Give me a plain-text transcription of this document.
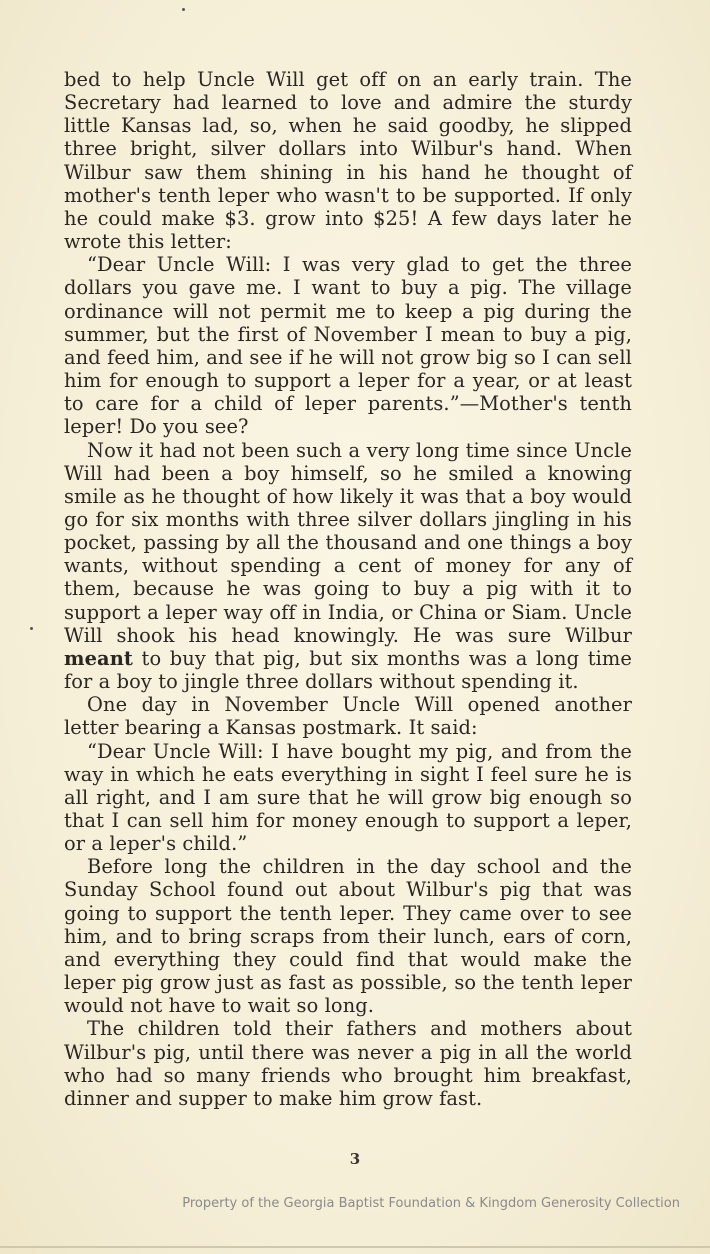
bed to help Uncle Will get off on an early train. The Secretary had learned to love and admire the sturdy little Kansas lad, so, when he said goodby, he slipped three bright, silver dollars into Wilbur's hand. When Wilbur saw them shining in his hand he thought of mother's tenth leper who wasn't to be supported. If only he could make $3. grow into $25! A few days later he wrote this letter:

“Dear Uncle Will: I was very glad to get the three dollars you gave me. I want to buy a pig. The village ordinance will not permit me to keep a pig during the summer, but the first of November I mean to buy a pig, and feed him, and see if he will not grow big so I can sell him for enough to support a leper for a year, or at least to care for a child of leper parents.”—Mother's tenth leper! Do you see?

Now it had not been such a very long time since Uncle Will had been a boy himself, so he smiled a knowing smile as he thought of how likely it was that a boy would go for six months with three silver dollars jingling in his pocket, passing by all the thousand and one things a boy wants, without spending a cent of money for any of them, because he was going to buy a pig with it to support a leper way off in India, or China or Siam. Uncle Will shook his head knowingly. He was sure Wilbur meant to buy that pig, but six months was a long time for a boy to jingle three dollars without spending it.

One day in November Uncle Will opened another letter bearing a Kansas postmark. It said:

“Dear Uncle Will: I have bought my pig, and from the way in which he eats everything in sight I feel sure he is all right, and I am sure that he will grow big enough so that I can sell him for money enough to support a leper, or a leper's child.”

Before long the children in the day school and the Sunday School found out about Wilbur's pig that was going to support the tenth leper. They came over to see him, and to bring scraps from their lunch, ears of corn, and everything they could find that would make the leper pig grow just as fast as possible, so the tenth leper would not have to wait so long.

The children told their fathers and mothers about Wilbur's pig, until there was never a pig in all the world who had so many friends who brought him breakfast, dinner and supper to make him grow fast.

3
Property of the Georgia Baptist Foundation & Kingdom Generosity Collection
